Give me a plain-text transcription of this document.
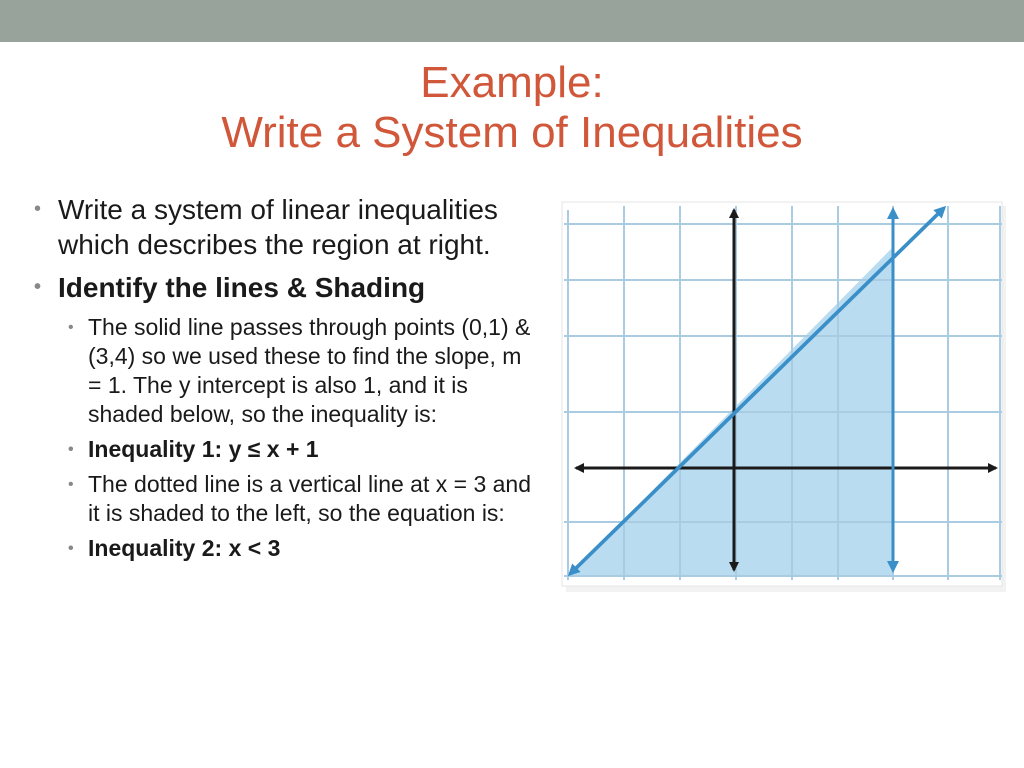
Example:
Write a System of Inequalities
• Write a system of linear inequalities which describes the region at right.
• Identify the lines & Shading
• The solid line passes through points (0,1) & (3,4) so we used these to find the slope, m = 1. The y intercept is also 1, and it is shaded below, so the inequality is:
• Inequality 1: y ≤ x + 1
• The dotted line is a vertical line at x = 3 and it is shaded to the left, so the equation is:
• Inequality 2: x < 3
